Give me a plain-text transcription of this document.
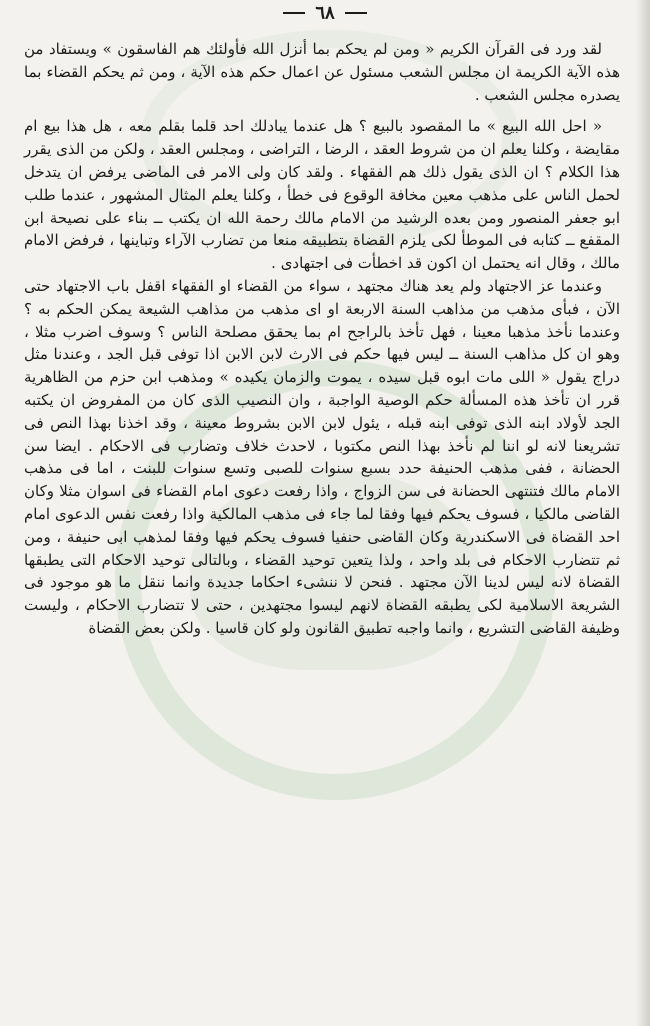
٦٨

لقد ورد فى القرآن الكريم « ومن لم يحكم بما أنزل الله فأولئك هم الفاسقون » ويستفاد من هذه الآية الكريمة ان مجلس الشعب مسئول عن اعمال حكم هذه الآية ، ومن ثم يحكم القضاء بما يصدره مجلس الشعب .

« احل الله البيع » ما المقصود بالبيع ؟ هل عندما يبادلك احد قلما بقلم معه ، هل هذا بيع ام مقايضة ، وكلنا يعلم ان من شروط العقد ، الرضا ، التراضى ، ومجلس العقد ، ولكن من الذى يقرر هذا الكلام ؟ ان الذى يقول ذلك هم الفقهاء . ولقد كان ولى الامر فى الماضى يرفض ان يتدخل لحمل الناس على مذهب معين مخافة الوقوع فى خطأ ، وكلنا يعلم المثال المشهور ، عندما طلب ابو جعفر المنصور ومن بعده الرشيد من الامام مالك رحمة الله ان يكتب ــ بناء على نصيحة ابن المقفع ــ كتابه فى الموطأ لكى يلزم القضاة بتطبيقه منعا من تضارب الآراء وتباينها ، فرفض الامام مالك ، وقال انه يحتمل ان اكون قد اخطأت فى اجتهادى .

وعندما عز الاجتهاد ولم يعد هناك مجتهد ، سواء من القضاء او الفقهاء اقفل باب الاجتهاد حتى الآن ، فبأى مذهب من مذاهب السنة الاربعة او اى مذهب من مذاهب الشيعة يمكن الحكم به ؟ وعندما نأخذ مذهبا معينا ، فهل تأخذ بالراجح ام بما يحقق مصلحة الناس ؟ وسوف اضرب مثلا ، وهو ان كل مذاهب السنة ــ ليس فيها حكم فى الارث لابن الابن اذا توفى قبل الجد ، وعندنا مثل دراج يقول « اللى مات ابوه قبل سيده ، يموت والزمان يكيده » ومذهب ابن حزم من الظاهرية قرر ان تأخذ هذه المسألة حكم الوصية الواجبة ، وان النصيب الذى كان من المفروض ان يكتبه الجد لأولاد ابنه الذى توفى ابنه قبله ، يئول لابن الابن بشروط معينة ، وقد اخذنا بهذا النص فى تشريعنا لانه لو اننا لم نأخذ بهذا النص مكتوبا ، لاحدث خلاف وتضارب فى الاحكام . ايضا سن الحضانة ، ففى مذهب الحنيفة حدد بسبع سنوات للصبى وتسع سنوات للبنت ، اما فى مذهب الامام مالك فتنتهى الحضانة فى سن الزواج ، واذا رفعت دعوى امام القضاء فى اسوان مثلا وكان القاضى مالكيا ، فسوف يحكم فيها وفقا لما جاء فى مذهب المالكية واذا رفعت نفس الدعوى امام احد القضاة فى الاسكندرية وكان القاضى حنفيا فسوف يحكم فيها وفقا لمذهب ابى حنيفة ، ومن ثم تتضارب الاحكام فى بلد واحد ، ولذا يتعين توحيد القضاء ، وبالتالى توحيد الاحكام التى يطبقها القضاة لانه ليس لدينا الآن مجتهد . فنحن لا ننشىء احكاما جديدة وانما ننقل ما هو موجود فى الشريعة الاسلامية لكى يطبقه القضاة لانهم ليسوا مجتهدين ، حتى لا تتضارب الاحكام ، وليست وظيفة القاضى التشريع ، وانما واجبه تطبيق القانون ولو كان قاسيا . ولكن بعض القضاة
